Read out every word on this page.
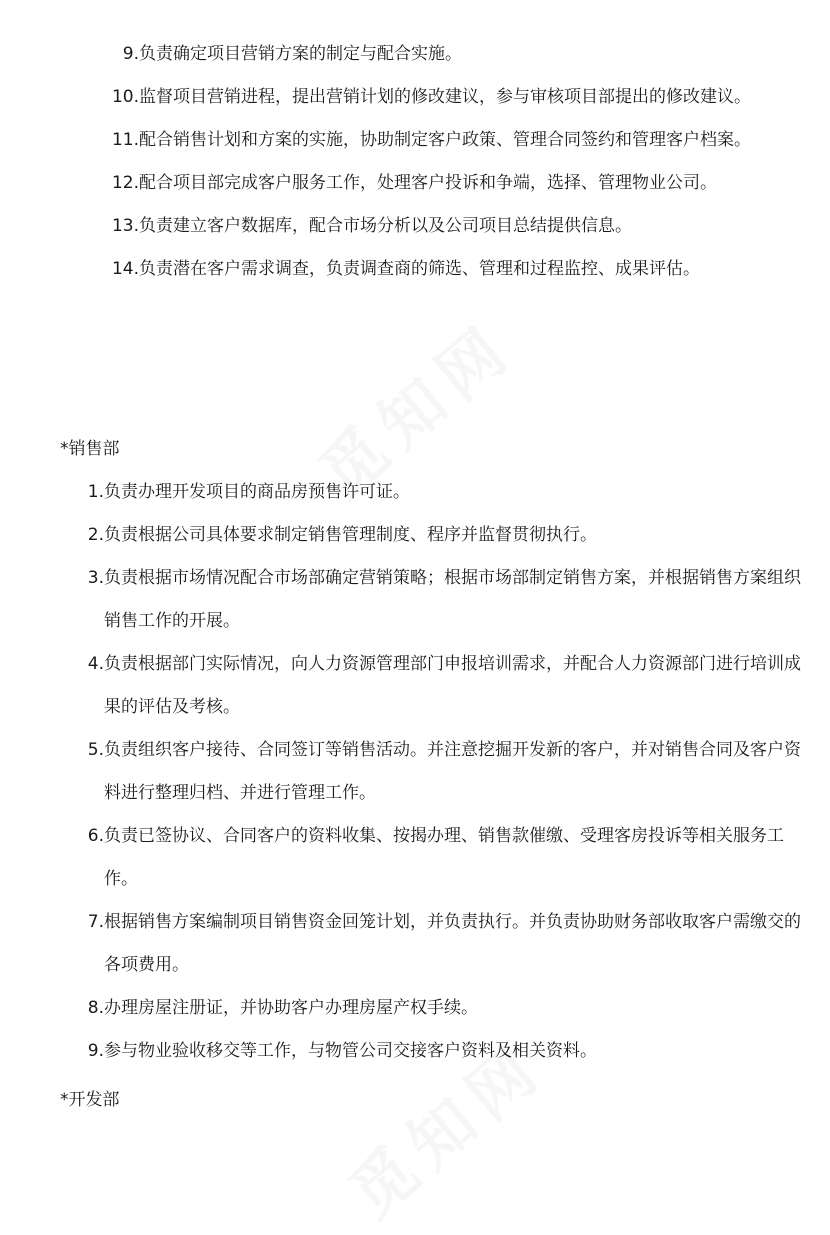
9. 负责确定项目营销方案的制定与配合实施。
10. 监督项目营销进程，提出营销计划的修改建议，参与审核项目部提出的修改建议。
11. 配合销售计划和方案的实施，协助制定客户政策、管理合同签约和管理客户档案。
12. 配合项目部完成客户服务工作，处理客户投诉和争端，选择、管理物业公司。
13. 负责建立客户数据库，配合市场分析以及公司项目总结提供信息。
14. 负责潜在客户需求调查，负责调查商的筛选、管理和过程监控、成果评估。
*销售部
1. 负责办理开发项目的商品房预售许可证。
2. 负责根据公司具体要求制定销售管理制度、程序并监督贯彻执行。
3. 负责根据市场情况配合市场部确定营销策略；根据市场部制定销售方案，并根据销售方案组织销售工作的开展。
4. 负责根据部门实际情况，向人力资源管理部门申报培训需求，并配合人力资源部门进行培训成果的评估及考核。
5. 负责组织客户接待、合同签订等销售活动。并注意挖掘开发新的客户，并对销售合同及客户资料进行整理归档、并进行管理工作。
6. 负责已签协议、合同客户的资料收集、按揭办理、销售款催缴、受理客房投诉等相关服务工作。
7. 根据销售方案编制项目销售资金回笼计划，并负责执行。并负责协助财务部收取客户需缴交的各项费用。
8. 办理房屋注册证，并协助客户办理房屋产权手续。
9. 参与物业验收移交等工作，与物管公司交接客户资料及相关资料。
*开发部
